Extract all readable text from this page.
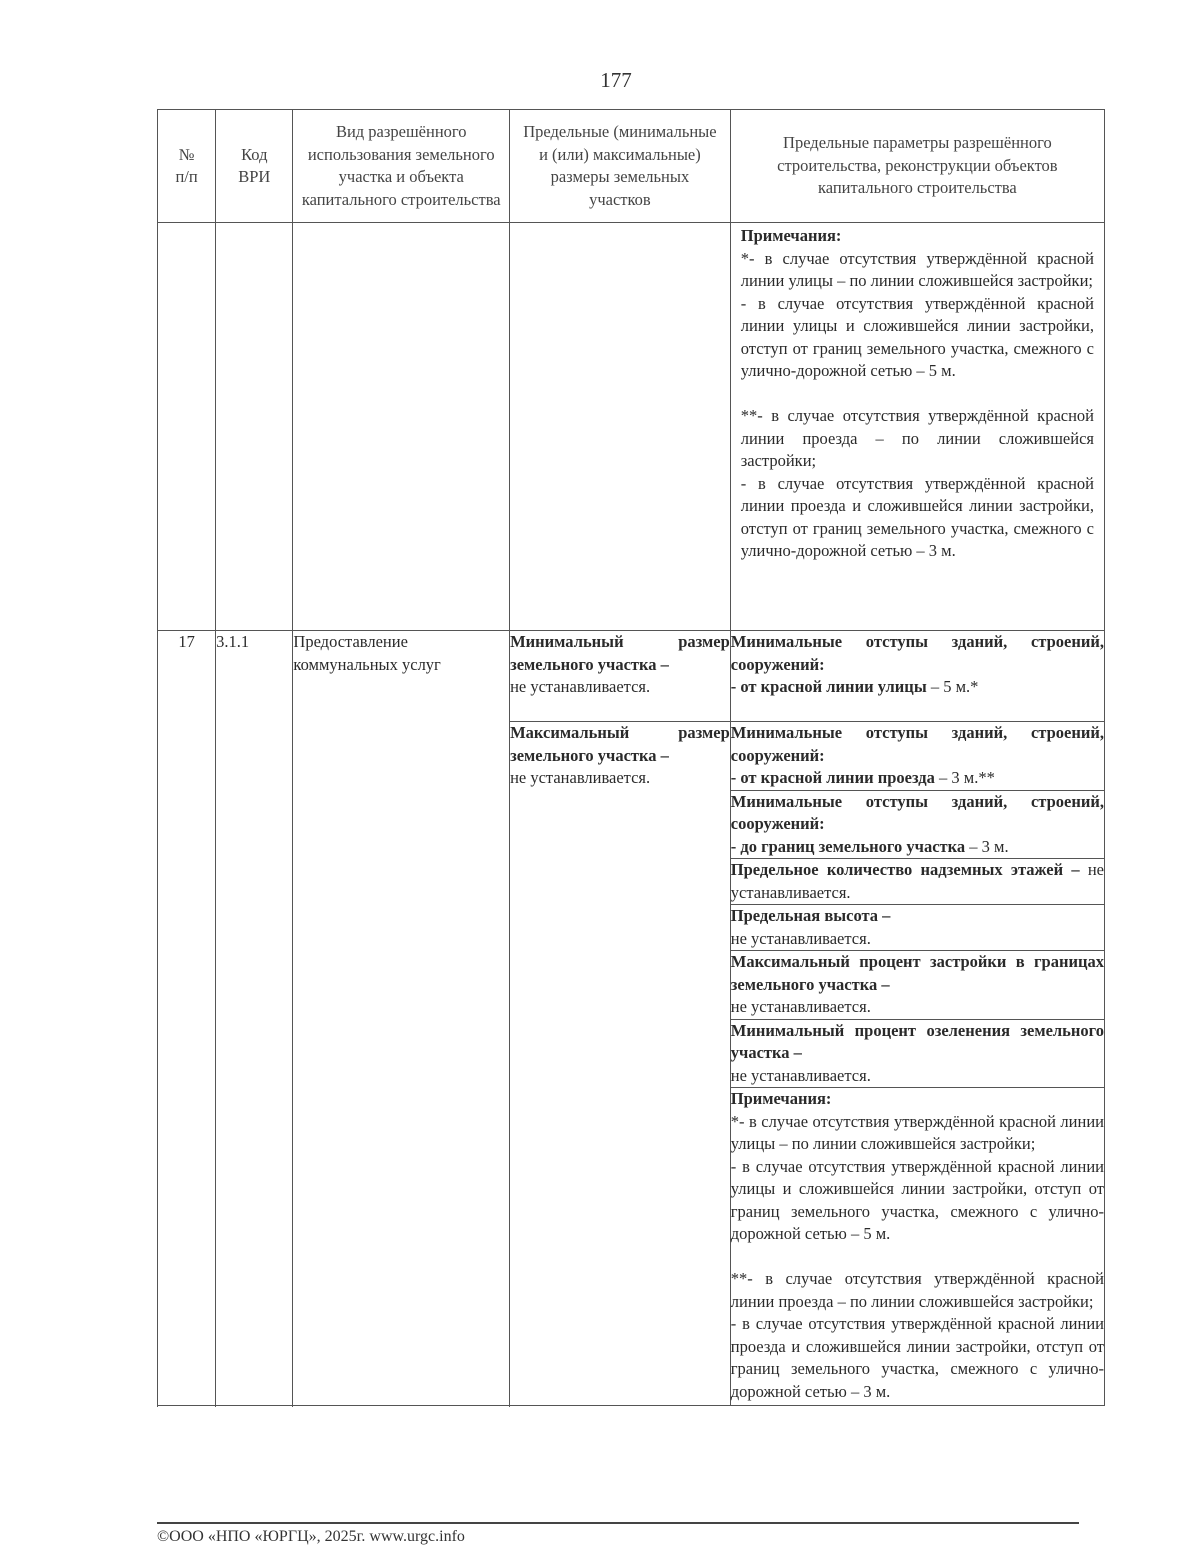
177
№ п/п	Код ВРИ	Вид разрешённого использования земельного участка и объекта капитального строительства	Предельные (минимальные и (или) максимальные) размеры земельных участков	Предельные параметры разрешённого строительства, реконструкции объектов капитального строительства

				Примечания:
*- в случае отсутствия утверждённой красной линии улицы – по линии сложившейся застройки;
- в случае отсутствия утверждённой красной линии улицы и сложившейся линии застройки, отступ от границ земельного участка, смежного с улично-дорожной сетью – 5 м.
**- в случае отсутствия утверждённой красной линии проезда – по линии сложившейся застройки;
- в случае отсутствия утверждённой красной линии проезда и сложившейся линии застройки, отступ от границ земельного участка, смежного с улично-дорожной сетью – 3 м.

17	3.1.1	Предоставление коммунальных услуг	Минимальный размер земельного участка –
не устанавливается.	Минимальные отступы зданий, строений, сооружений:
- от красной линии улицы – 5 м.*
			Максимальный размер земельного участка –
не устанавливается.	Минимальные отступы зданий, строений, сооружений:
- от красной линии проезда – 3 м.**
				Минимальные отступы зданий, строений, сооружений:
- до границ земельного участка – 3 м.
				Предельное количество надземных этажей – не устанавливается.
				Предельная высота –
не устанавливается.
				Максимальный процент застройки в границах земельного участка –
не устанавливается.
				Минимальный процент озеленения земельного участка –
не устанавливается.

				Примечания:
*- в случае отсутствия утверждённой красной линии улицы – по линии сложившейся застройки;
- в случае отсутствия утверждённой красной линии улицы и сложившейся линии застройки, отступ от границ земельного участка, смежного с улично-дорожной сетью – 5 м.
**- в случае отсутствия утверждённой красной линии проезда – по линии сложившейся застройки;
- в случае отсутствия утверждённой красной линии проезда и сложившейся линии застройки, отступ от границ земельного участка, смежного с улично-дорожной сетью – 3 м.

©ООО «НПО «ЮРГЦ», 2025г. www.urgc.info
